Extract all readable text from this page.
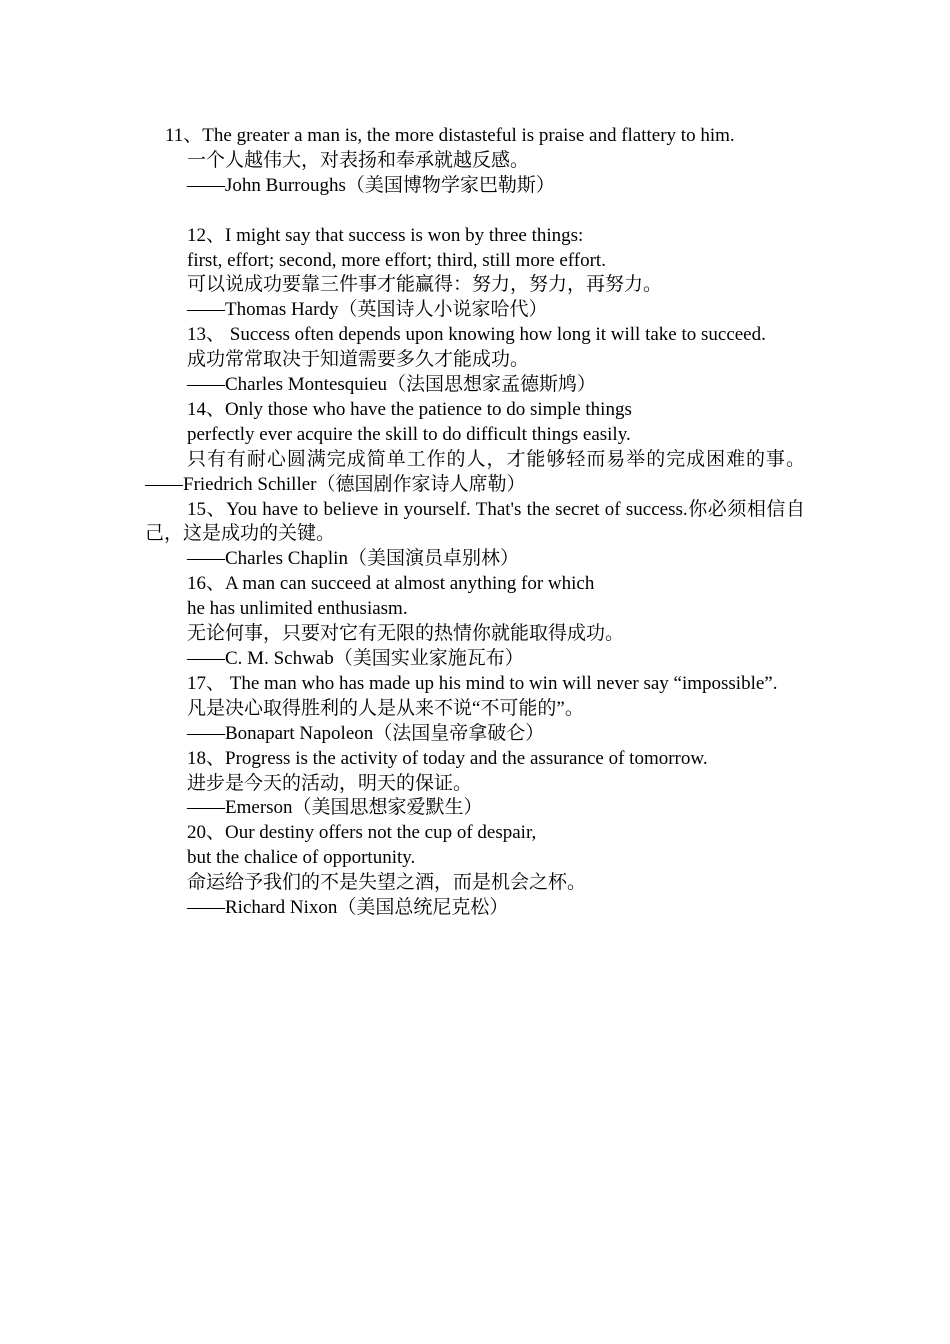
11、The greater a man is, the more distasteful is praise and flattery to him.

一个人越伟大，对表扬和奉承就越反感。

——John Burroughs（美国博物学家巴勒斯）

12、I might say that success is won by three things:

first, effort; second, more effort; third, still more effort.

可以说成功要靠三件事才能赢得：努力，努力，再努力。

——Thomas Hardy（英国诗人小说家哈代）

13、 Success often depends upon knowing how long it will take to succeed.

成功常常取决于知道需要多久才能成功。

——Charles Montesquieu（法国思想家孟德斯鸠）

14、Only those who have the patience to do simple things

perfectly ever acquire the skill to do difficult things easily.

只有有耐心圆满完成简单工作的人，才能够轻而易举的完成困难的事。——Friedrich Schiller（德国剧作家诗人席勒）

15、You have to believe in yourself. That's the secret of success.你必须相信自己，这是成功的关键。

——Charles Chaplin（美国演员卓别林）

16、A man can succeed at almost anything for which

he has unlimited enthusiasm.

无论何事，只要对它有无限的热情你就能取得成功。

——C. M. Schwab（美国实业家施瓦布）

17、 The man who has made up his mind to win will never say “impossible”.

凡是决心取得胜利的人是从来不说“不可能的”。

——Bonapart Napoleon（法国皇帝拿破仑）

18、Progress is the activity of today and the assurance of tomorrow.

进步是今天的活动，明天的保证。

——Emerson（美国思想家爱默生）

20、Our destiny offers not the cup of despair,

but the chalice of opportunity.

命运给予我们的不是失望之酒，而是机会之杯。

——Richard Nixon（美国总统尼克松）
